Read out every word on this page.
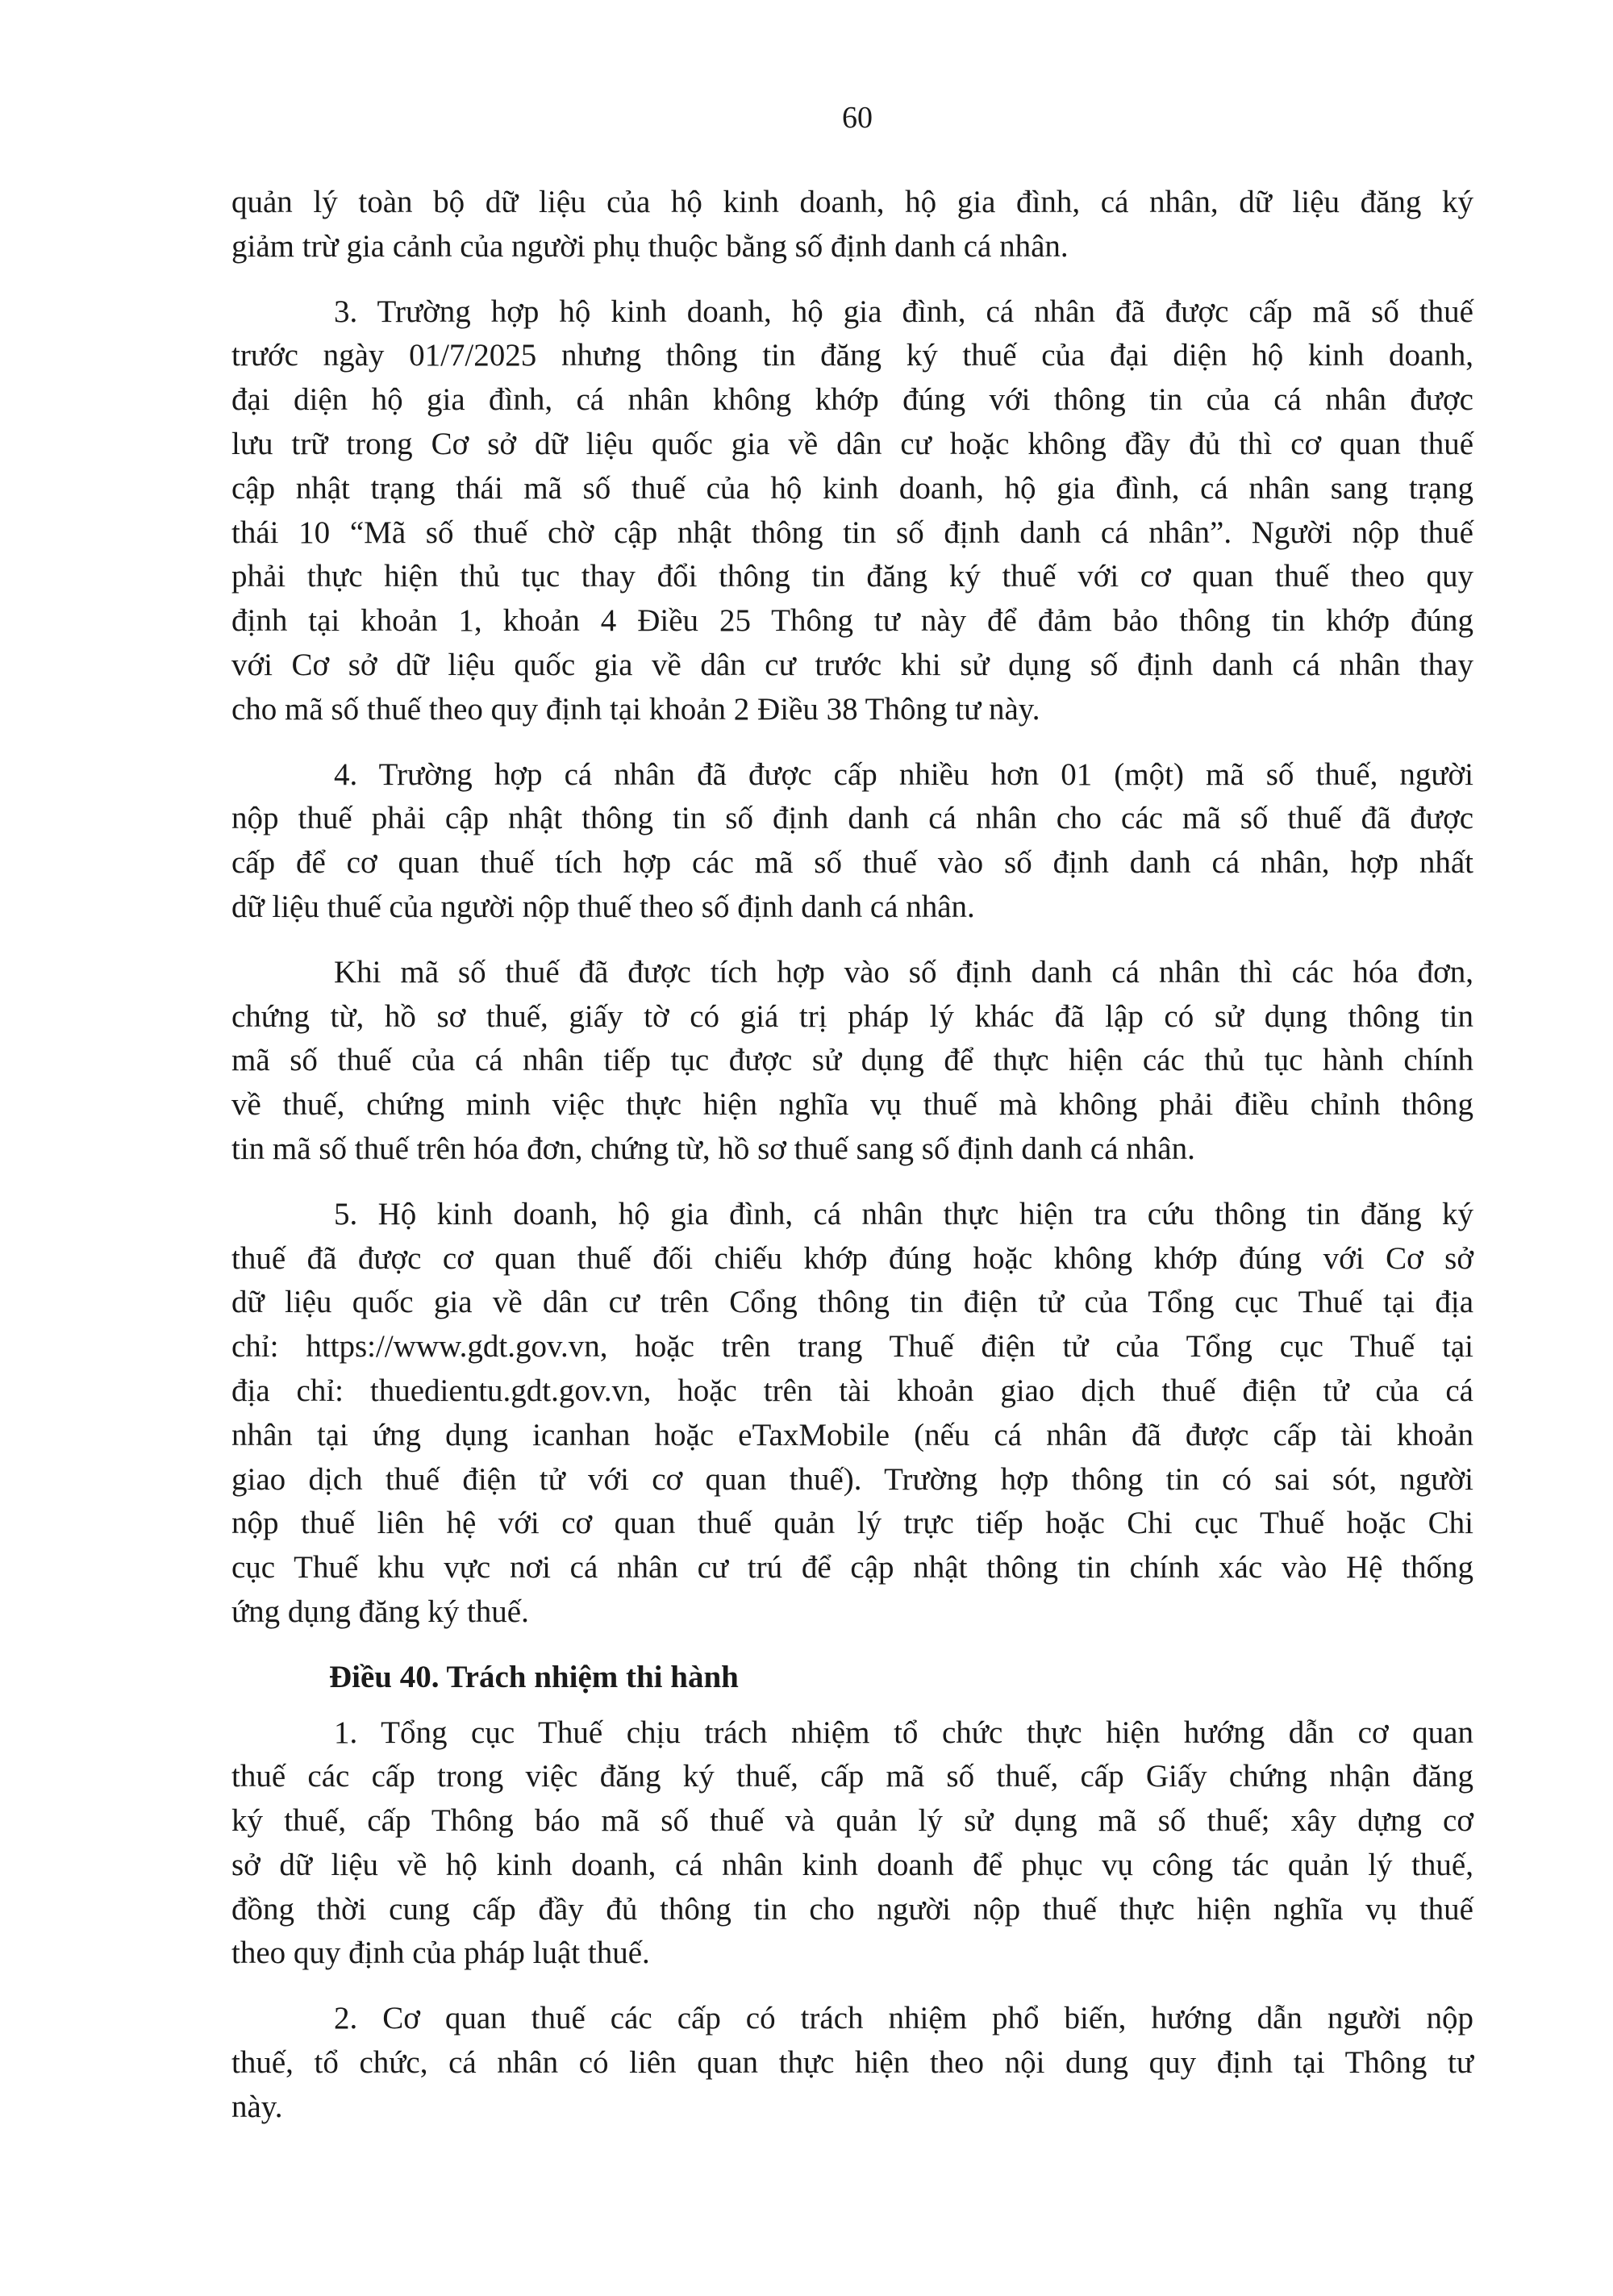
60

quản lý toàn bộ dữ liệu của hộ kinh doanh, hộ gia đình, cá nhân, dữ liệu đăng ký
giảm trừ gia cảnh của người phụ thuộc bằng số định danh cá nhân.

3. Trường hợp hộ kinh doanh, hộ gia đình, cá nhân đã được cấp mã số thuế
trước ngày 01/7/2025 nhưng thông tin đăng ký thuế của đại diện hộ kinh doanh,
đại diện hộ gia đình, cá nhân không khớp đúng với thông tin của cá nhân được
lưu trữ trong Cơ sở dữ liệu quốc gia về dân cư hoặc không đầy đủ thì cơ quan thuế
cập nhật trạng thái mã số thuế của hộ kinh doanh, hộ gia đình, cá nhân sang trạng
thái 10 “Mã số thuế chờ cập nhật thông tin số định danh cá nhân”. Người nộp thuế
phải thực hiện thủ tục thay đổi thông tin đăng ký thuế với cơ quan thuế theo quy
định tại khoản 1, khoản 4 Điều 25 Thông tư này để đảm bảo thông tin khớp đúng
với Cơ sở dữ liệu quốc gia về dân cư trước khi sử dụng số định danh cá nhân thay
cho mã số thuế theo quy định tại khoản 2 Điều 38 Thông tư này.

4. Trường hợp cá nhân đã được cấp nhiều hơn 01 (một) mã số thuế, người
nộp thuế phải cập nhật thông tin số định danh cá nhân cho các mã số thuế đã được
cấp để cơ quan thuế tích hợp các mã số thuế vào số định danh cá nhân, hợp nhất
dữ liệu thuế của người nộp thuế theo số định danh cá nhân.

Khi mã số thuế đã được tích hợp vào số định danh cá nhân thì các hóa đơn,
chứng từ, hồ sơ thuế, giấy tờ có giá trị pháp lý khác đã lập có sử dụng thông tin
mã số thuế của cá nhân tiếp tục được sử dụng để thực hiện các thủ tục hành chính
về thuế, chứng minh việc thực hiện nghĩa vụ thuế mà không phải điều chỉnh thông
tin mã số thuế trên hóa đơn, chứng từ, hồ sơ thuế sang số định danh cá nhân.

5. Hộ kinh doanh, hộ gia đình, cá nhân thực hiện tra cứu thông tin đăng ký
thuế đã được cơ quan thuế đối chiếu khớp đúng hoặc không khớp đúng với Cơ sở
dữ liệu quốc gia về dân cư trên Cổng thông tin điện tử của Tổng cục Thuế tại địa
chỉ: https://www.gdt.gov.vn, hoặc trên trang Thuế điện tử của Tổng cục Thuế tại
địa chỉ: thuedientu.gdt.gov.vn, hoặc trên tài khoản giao dịch thuế điện tử của cá
nhân tại ứng dụng icanhan hoặc eTaxMobile (nếu cá nhân đã được cấp tài khoản
giao dịch thuế điện tử với cơ quan thuế). Trường hợp thông tin có sai sót, người
nộp thuế liên hệ với cơ quan thuế quản lý trực tiếp hoặc Chi cục Thuế hoặc Chi
cục Thuế khu vực nơi cá nhân cư trú để cập nhật thông tin chính xác vào Hệ thống
ứng dụng đăng ký thuế.

Điều 40. Trách nhiệm thi hành

1. Tổng cục Thuế chịu trách nhiệm tổ chức thực hiện hướng dẫn cơ quan
thuế các cấp trong việc đăng ký thuế, cấp mã số thuế, cấp Giấy chứng nhận đăng
ký thuế, cấp Thông báo mã số thuế và quản lý sử dụng mã số thuế; xây dựng cơ
sở dữ liệu về hộ kinh doanh, cá nhân kinh doanh để phục vụ công tác quản lý thuế,
đồng thời cung cấp đầy đủ thông tin cho người nộp thuế thực hiện nghĩa vụ thuế
theo quy định của pháp luật thuế.

2. Cơ quan thuế các cấp có trách nhiệm phổ biến, hướng dẫn người nộp
thuế, tổ chức, cá nhân có liên quan thực hiện theo nội dung quy định tại Thông tư
này.
